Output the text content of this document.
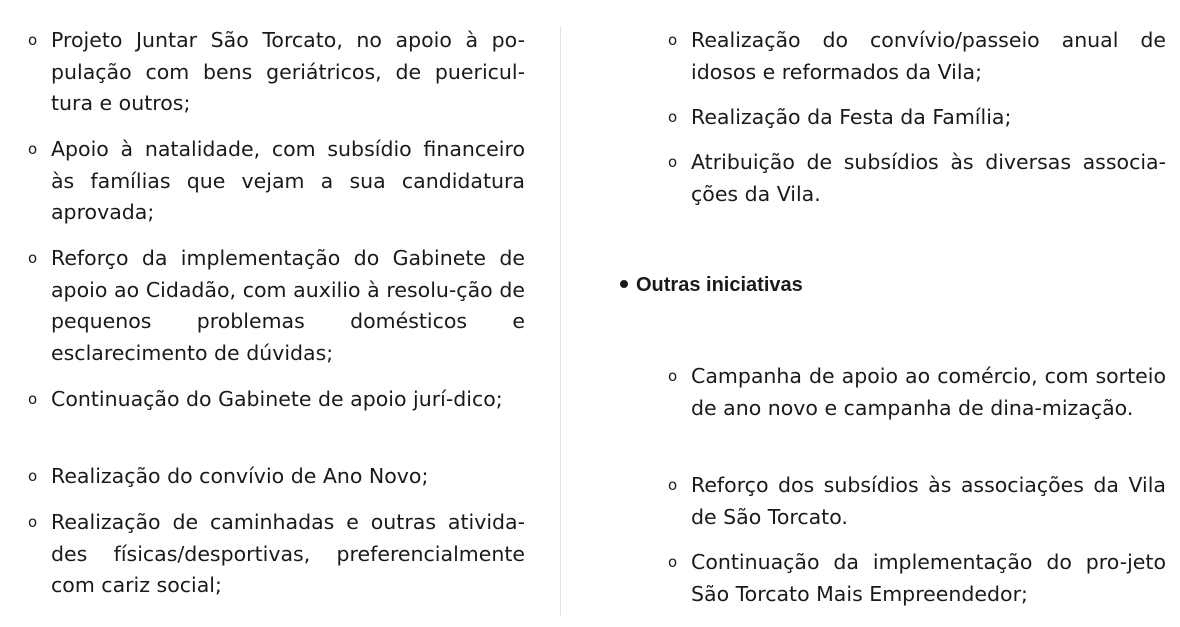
o Projeto Juntar São Torcato, no apoio à po-pulação com bens geriátricos, de puericul-tura e outros;
o Apoio à natalidade, com subsídio financeiro às famílias que vejam a sua candidatura aprovada;
o Reforço da implementação do Gabinete de apoio ao Cidadão, com auxilio à resolu-ção de pequenos problemas domésticos e esclarecimento de dúvidas;
o Continuação do Gabinete de apoio jurí-dico;
o Realização do convívio de Ano Novo;
o Realização de caminhadas e outras ativida-des físicas/desportivas, preferencialmente com cariz social;
o Realização do convívio/passeio anual de idosos e reformados da Vila;
o Realização da Festa da Família;
o Atribuição de subsídios às diversas associa-ções da Vila.
Outras iniciativas
o Campanha de apoio ao comércio, com sorteio de ano novo e campanha de dina-mização.
o Reforço dos subsídios às associações da Vila de São Torcato.
o Continuação da implementação do pro-jeto São Torcato Mais Empreendedor;
